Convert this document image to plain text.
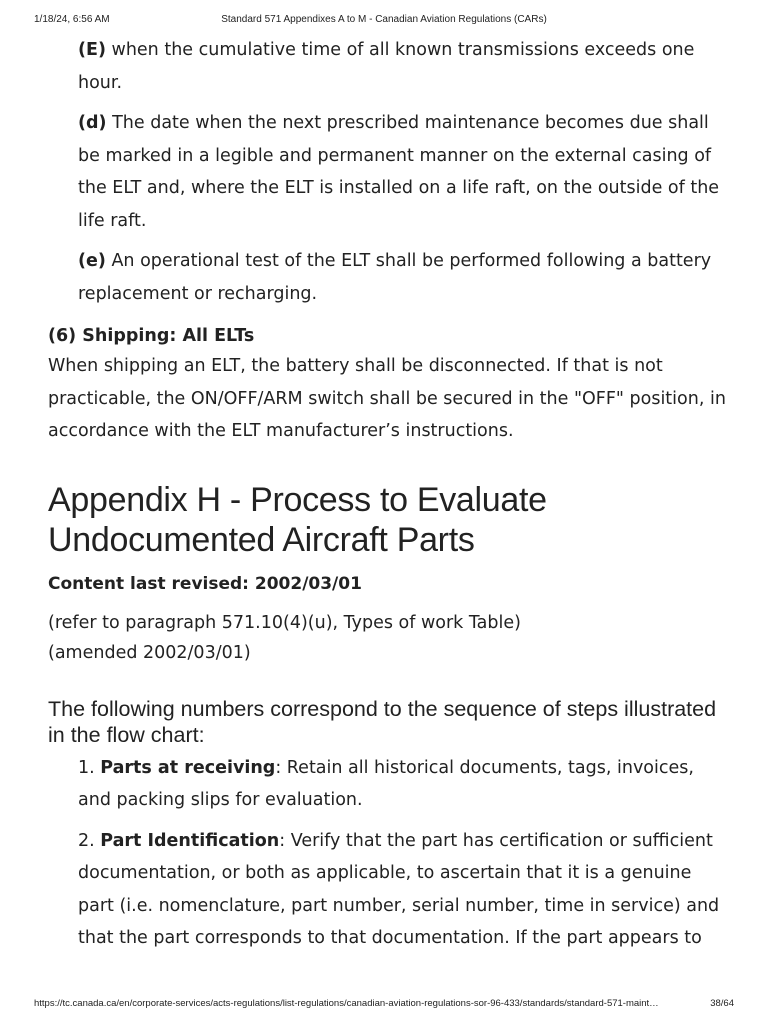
1/18/24, 6:56 AM	Standard 571 Appendixes A to M - Canadian Aviation Regulations (CARs)

(E) when the cumulative time of all known transmissions exceeds one hour.

(d) The date when the next prescribed maintenance becomes due shall be marked in a legible and permanent manner on the external casing of the ELT and, where the ELT is installed on a life raft, on the outside of the life raft.

(e) An operational test of the ELT shall be performed following a battery replacement or recharging.

(6) Shipping: All ELTs

When shipping an ELT, the battery shall be disconnected. If that is not practicable, the ON/OFF/ARM switch shall be secured in the "OFF" position, in accordance with the ELT manufacturer’s instructions.

Appendix H - Process to Evaluate Undocumented Aircraft Parts
Content last revised: 2002/03/01

(refer to paragraph 571.10(4)(u), Types of work Table)

(amended 2002/03/01)

The following numbers correspond to the sequence of steps illustrated in the flow chart:

1. Parts at receiving: Retain all historical documents, tags, invoices, and packing slips for evaluation.

2. Part Identification: Verify that the part has certification or sufficient documentation, or both as applicable, to ascertain that it is a genuine part (i.e. nomenclature, part number, serial number, time in service) and that the part corresponds to that documentation. If the part appears to

https://tc.canada.ca/en/corporate-services/acts-regulations/list-regulations/canadian-aviation-regulations-sor-96-433/standards/standard-571-maint…	38/64
